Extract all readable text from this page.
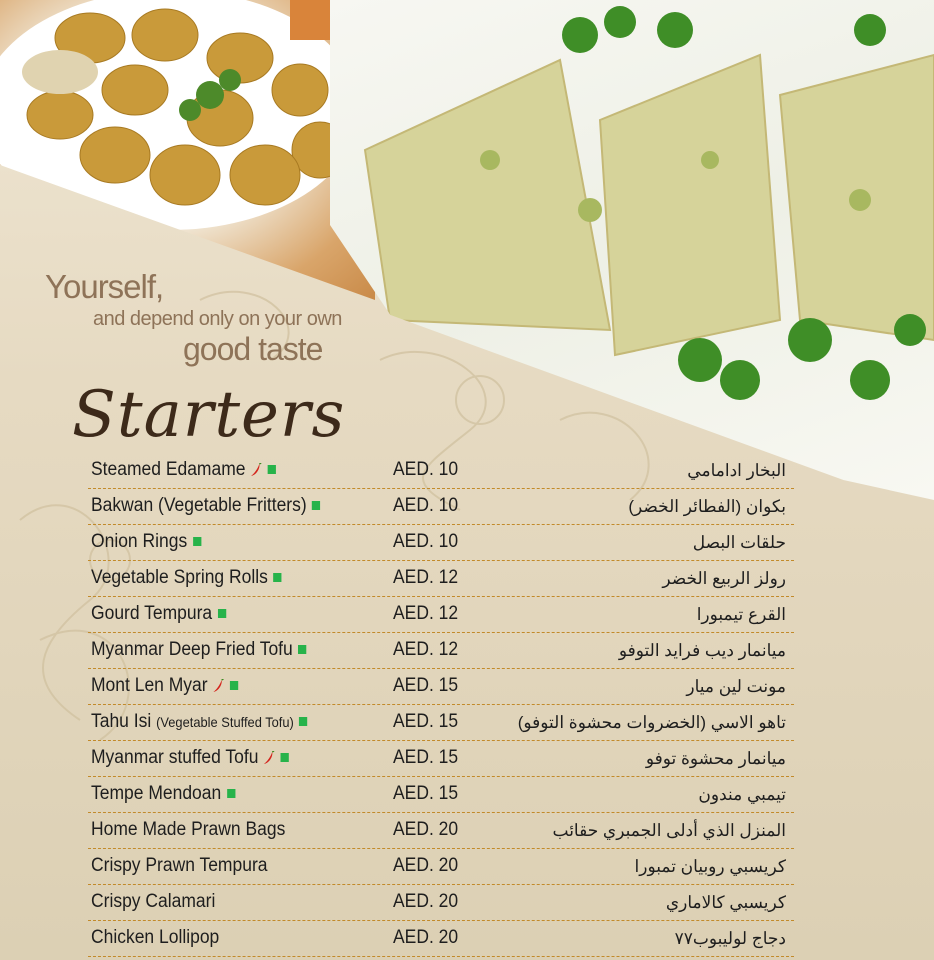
Yourself,
and depend only on your own
good taste
Starters
Steamed Edamame	AED. 10	البخار ادامامي
Bakwan (Vegetable Fritters)	AED. 10	بكوان (الفطائر الخضر)
Onion Rings	AED. 10	حلقات البصل
Vegetable Spring Rolls	AED. 12	رولز الربيع الخضر
Gourd Tempura	AED. 12	القرع تيمبورا
Myanmar Deep Fried Tofu	AED. 12	ميانمار ديب فرايد التوفو
Mont Len Myar	AED. 15	مونت لين ميار
Tahu Isi (Vegetable Stuffed Tofu)	AED. 15	تاهو الاسي (الخضروات محشوة التوفو)
Myanmar stuffed Tofu	AED. 15	ميانمار محشوة توفو
Tempe Mendoan	AED. 15	تيمبي مندون
Home Made Prawn Bags	AED. 20	المنزل الذي أدلى الجمبري حقائب
Crispy Prawn Tempura	AED. 20	كريسبي روبيان تمبورا
Crispy Calamari	AED. 20	كريسبي كالاماري
Chicken Lollipop	AED. 20	دجاج لوليبوب٧٧
